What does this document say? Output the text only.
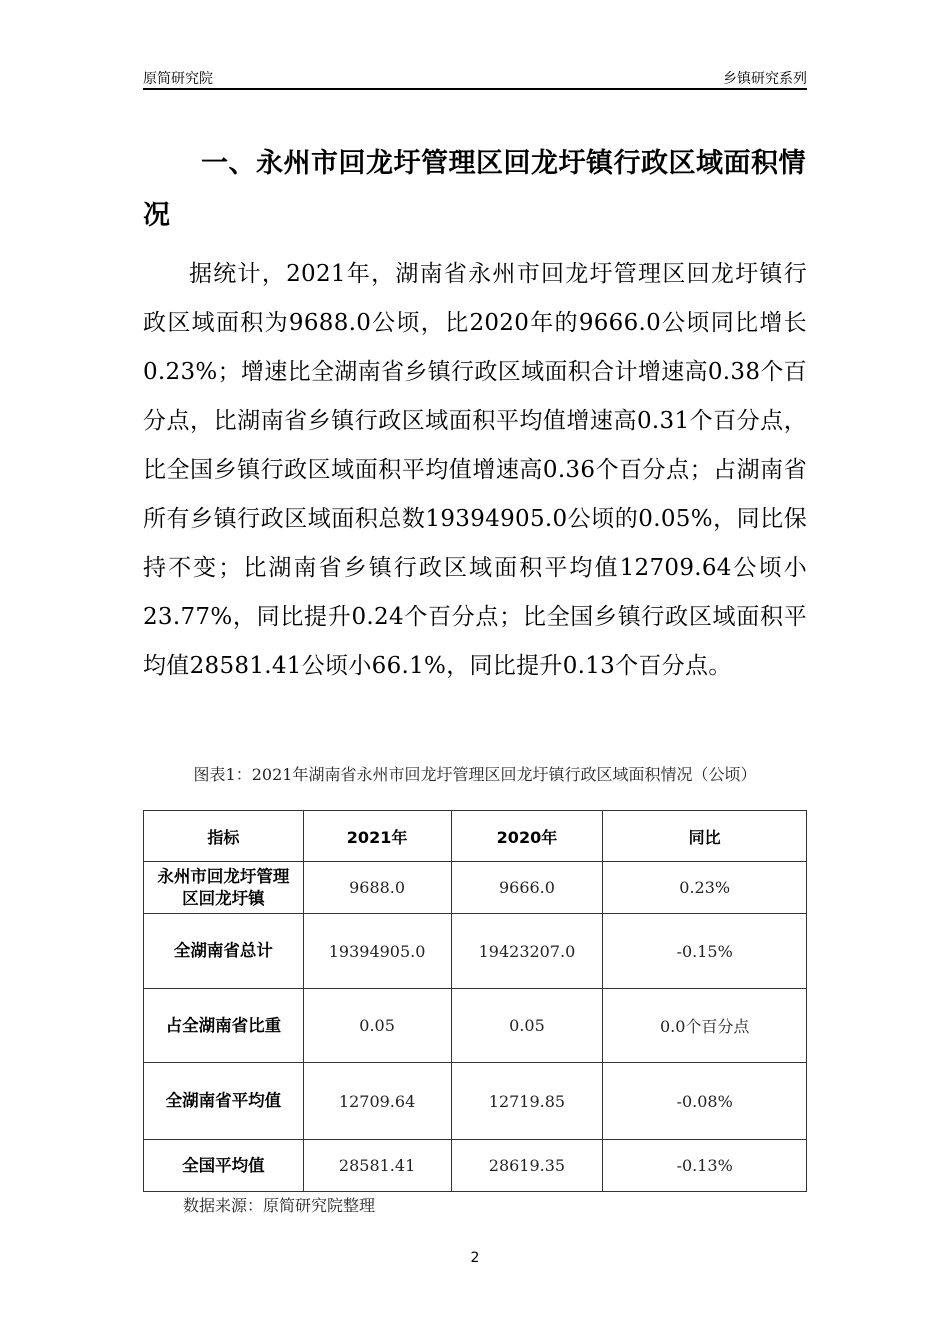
原简研究院	乡镇研究系列
一、永州市回龙圩管理区回龙圩镇行政区域面积情况
据统计，2021年，湖南省永州市回龙圩管理区回龙圩镇行政区域面积为9688.0公顷，比2020年的9666.0公顷同比增长0.23%；增速比全湖南省乡镇行政区域面积合计增速高0.38个百分点，比湖南省乡镇行政区域面积平均值增速高0.31个百分点，比全国乡镇行政区域面积平均值增速高0.36个百分点；占湖南省所有乡镇行政区域面积总数19394905.0公顷的0.05%，同比保持不变；比湖南省乡镇行政区域面积平均值12709.64公顷小23.77%，同比提升0.24个百分点；比全国乡镇行政区域面积平均值28581.41公顷小66.1%，同比提升0.13个百分点。
图表1：2021年湖南省永州市回龙圩管理区回龙圩镇行政区域面积情况（公顷）
指标	2021年	2020年	同比
永州市回龙圩管理区回龙圩镇	9688.0	9666.0	0.23%
全湖南省总计	19394905.0	19423207.0	-0.15%
占全湖南省比重	0.05	0.05	0.0个百分点
全湖南省平均值	12709.64	12719.85	-0.08%
全国平均值	28581.41	28619.35	-0.13%
数据来源：原简研究院整理
2
